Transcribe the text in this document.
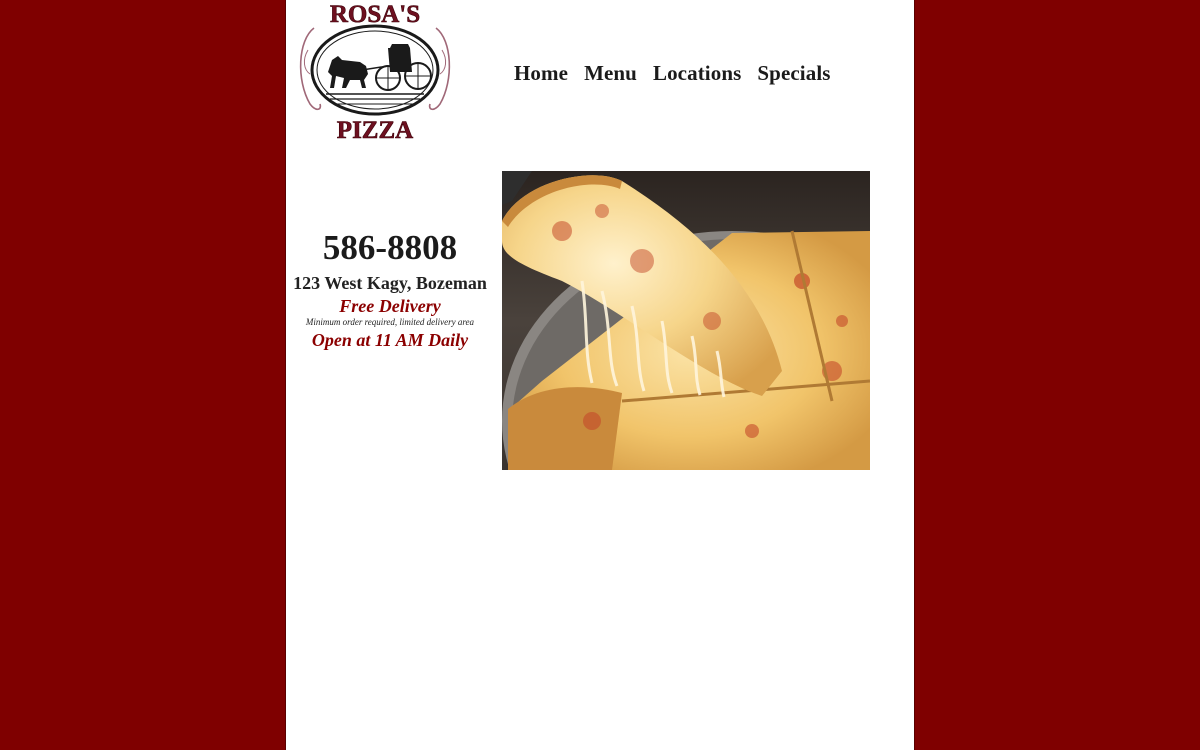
ROSA'S
PIZZA
Home Menu Locations Specials
586-8808
123 West Kagy, Bozeman
Free Delivery
Minimum order required, limited delivery area
Open at 11 AM Daily
